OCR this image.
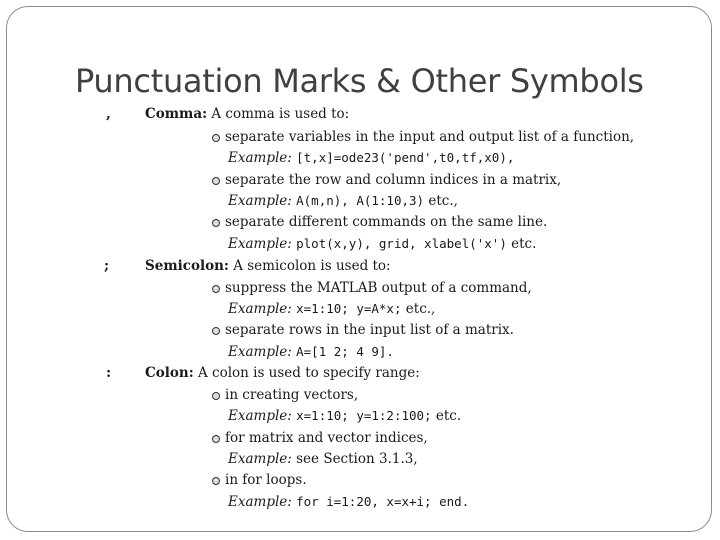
Punctuation Marks & Other Symbols
,	Comma: A comma is used to:
separate variables in the input and output list of a function,
Example: [t,x]=ode23('pend',t0,tf,x0),
separate the row and column indices in a matrix,
Example: A(m,n), A(1:10,3) etc.,
separate different commands on the same line.
Example: plot(x,y), grid, xlabel('x') etc.
;	Semicolon: A semicolon is used to:
suppress the MATLAB output of a command,
Example: x=1:10; y=A*x; etc.,
separate rows in the input list of a matrix.
Example: A=[1 2; 4 9].
:	Colon: A colon is used to specify range:
in creating vectors,
Example: x=1:10; y=1:2:100; etc.
for matrix and vector indices,
Example: see Section 3.1.3,
in for loops.
Example: for i=1:20, x=x+i; end.
